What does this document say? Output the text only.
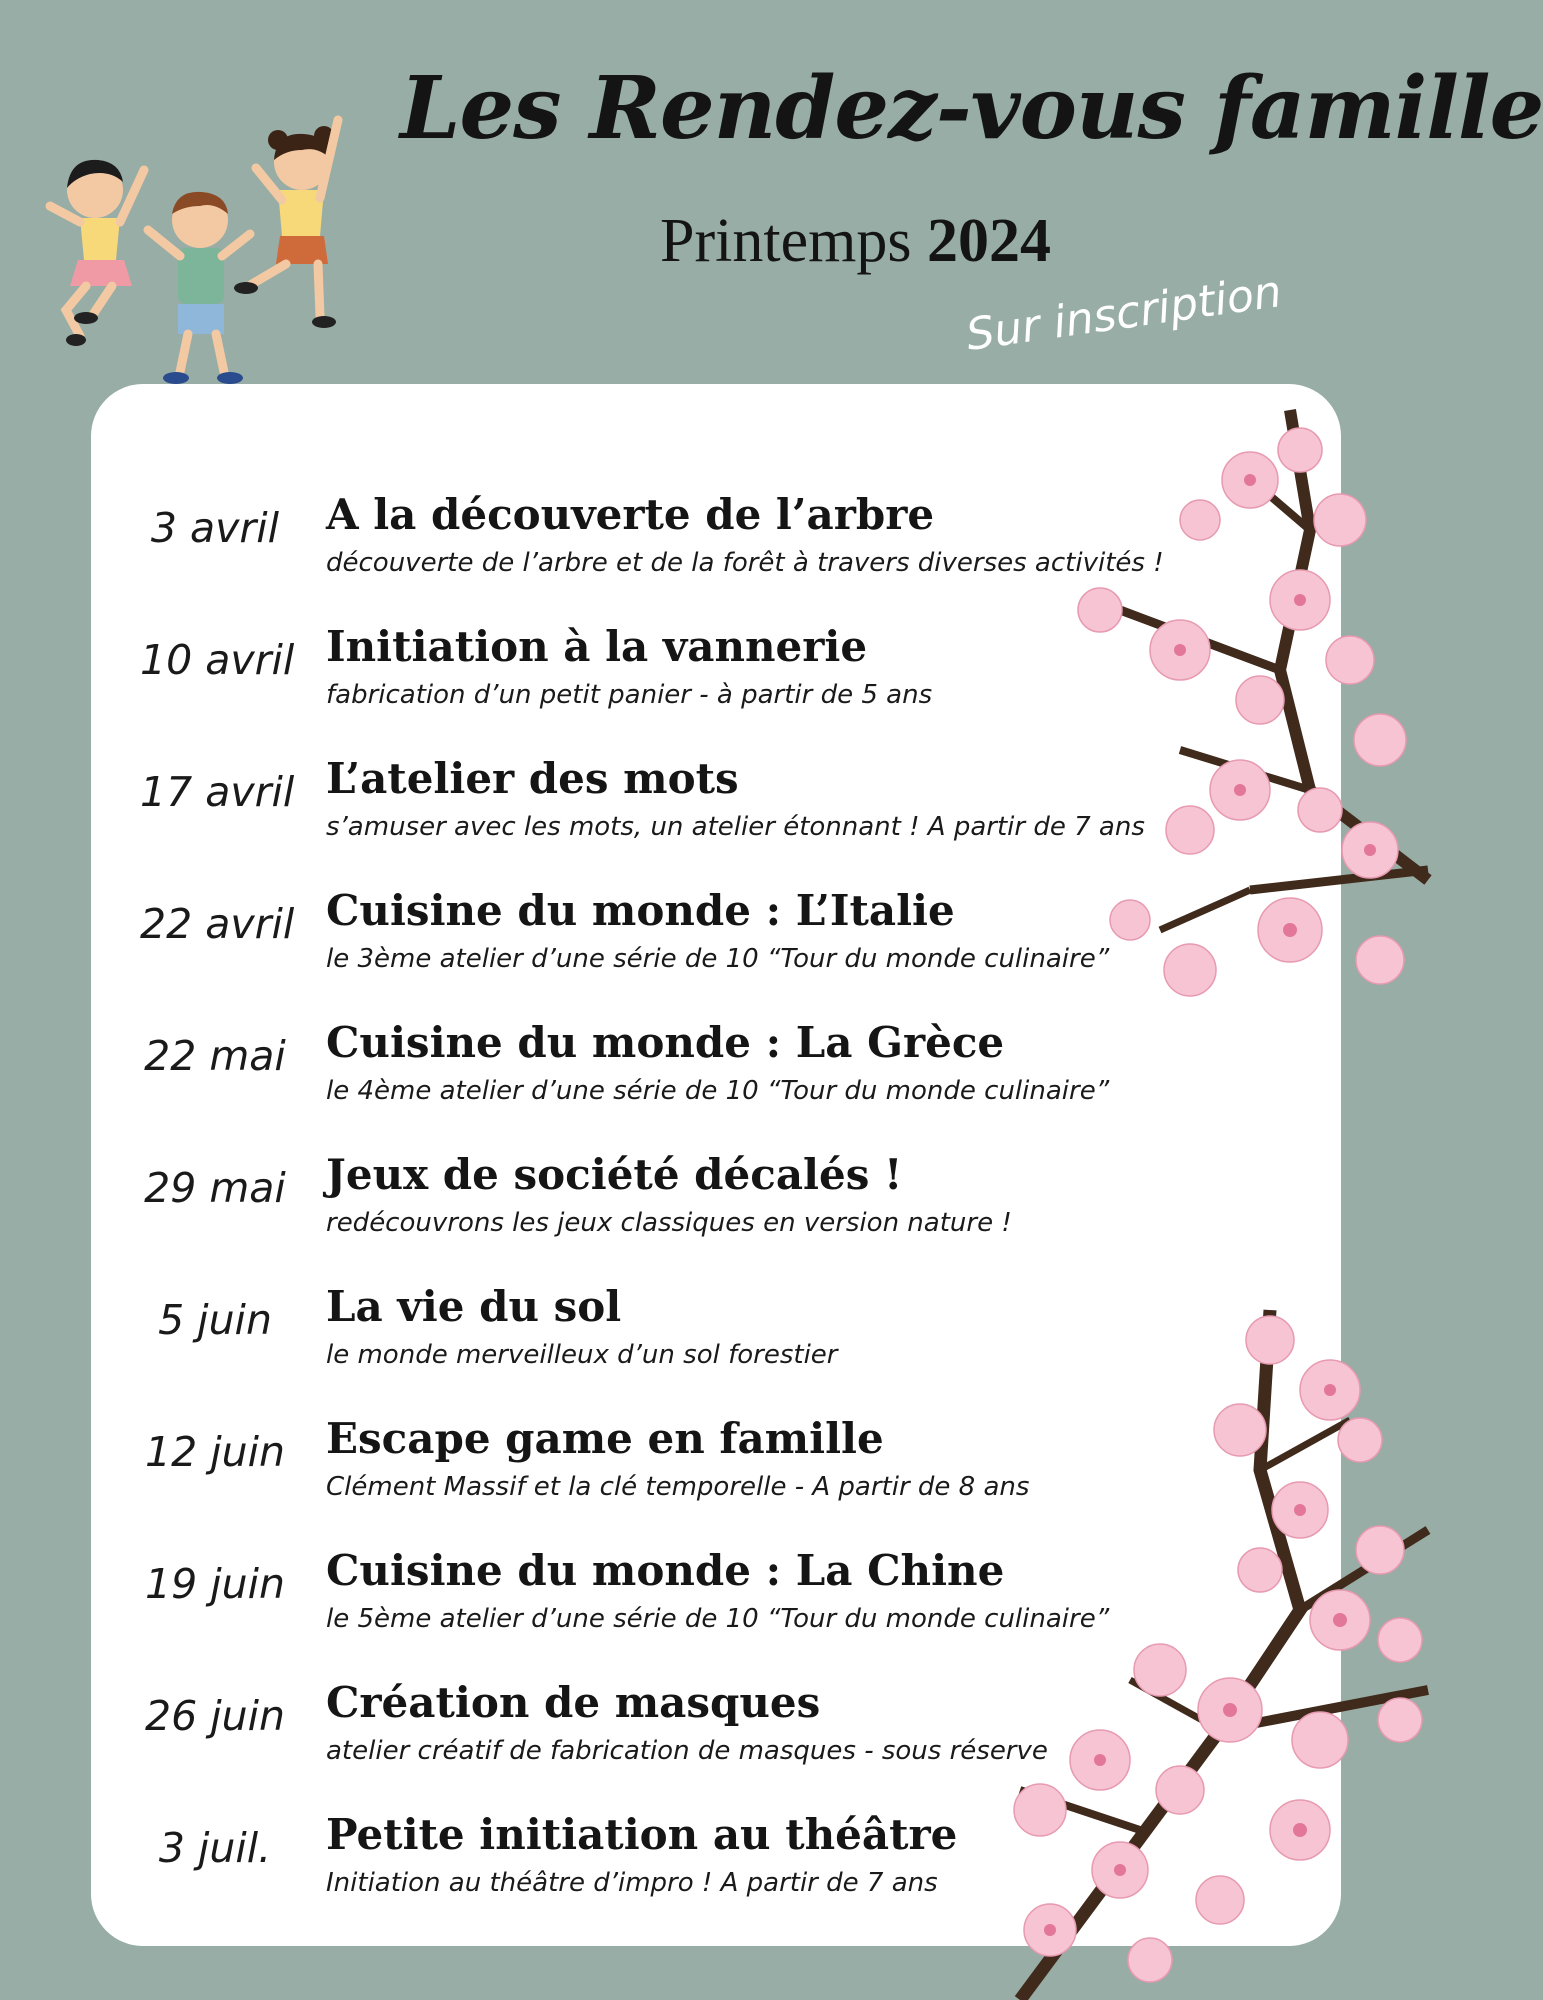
Les Rendez-vous famille
Printemps 2024
Sur inscription
3 avril A la découverte de l’arbre
découverte de l’arbre et de la forêt à travers diverses activités !
10 avril Initiation à la vannerie
fabrication d’un petit panier - à partir de 5 ans
17 avril L’atelier des mots
s’amuser avec les mots, un atelier étonnant ! A partir de 7 ans
22 avril Cuisine du monde : L’Italie
le 3ème atelier d’une série de 10 “Tour du monde culinaire”
22 mai Cuisine du monde : La Grèce
le 4ème atelier d’une série de 10 “Tour du monde culinaire”
29 mai Jeux de société décalés !
redécouvrons les jeux classiques en version nature !
5 juin	La vie du sol
le monde merveilleux d’un sol forestier
12 juin Escape game en famille
Clément Massif et la clé temporelle - A partir de 8 ans
19 juin Cuisine du monde : La Chine
le 5ème atelier d’une série de 10 “Tour du monde culinaire”
26 juin Création de masques
atelier créatif de fabrication de masques - sous réserve
3 juil.	Petite initiation au théâtre
Initiation au théâtre d’impro ! A partir de 7 ans
